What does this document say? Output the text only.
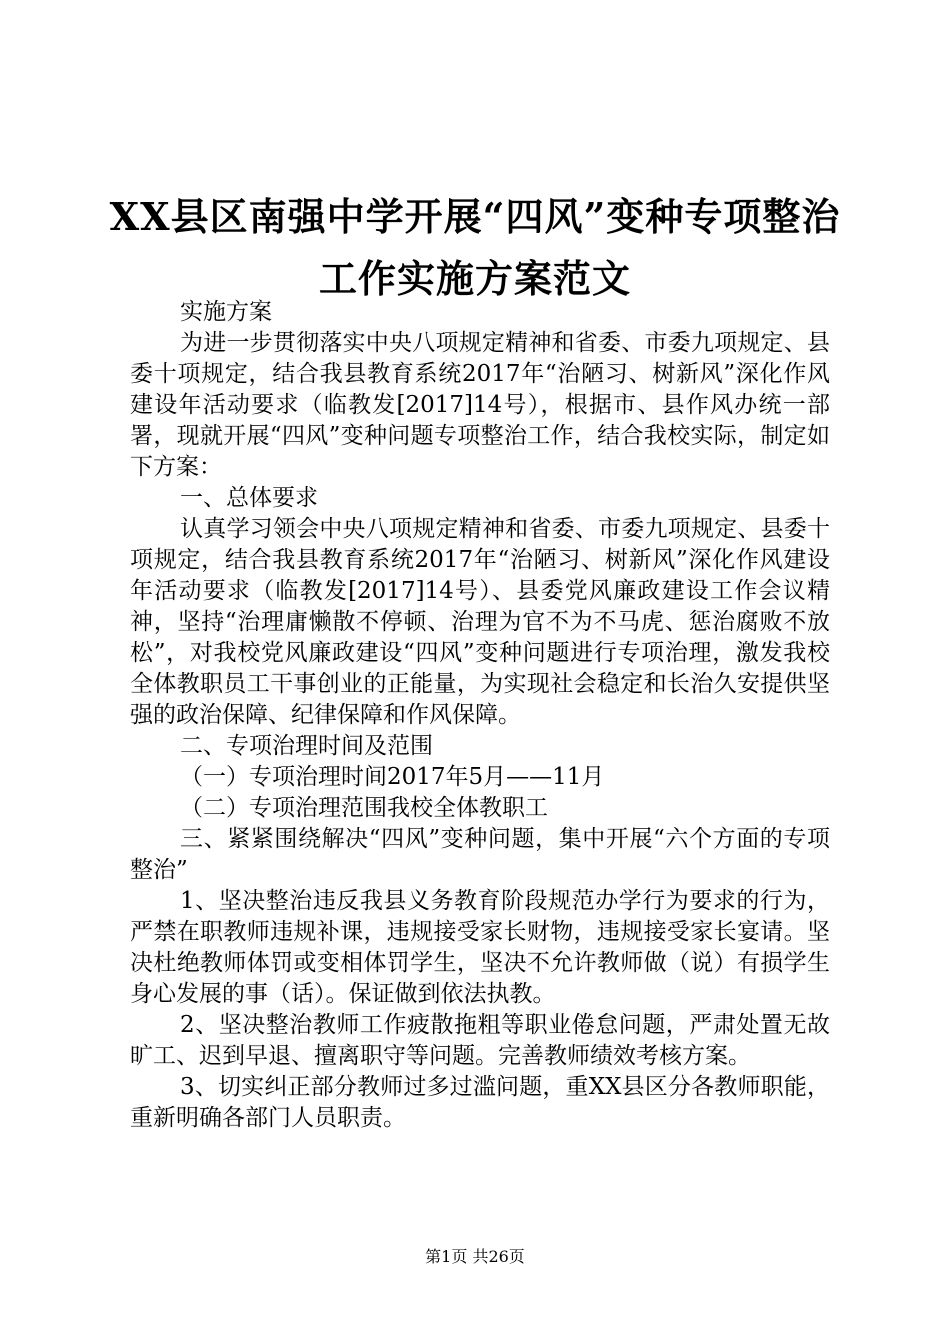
XX县区南强中学开展“四风”变种专项整治
工作实施方案范文

实施方案

为进一步贯彻落实中央八项规定精神和省委、市委九项规定、县委十项规定，结合我县教育系统2017年“治陋习、树新风”深化作风建设年活动要求（临教发[2017]14号），根据市、县作风办统一部署，现就开展“四风”变种问题专项整治工作，结合我校实际，制定如下方案：

一、总体要求

认真学习领会中央八项规定精神和省委、市委九项规定、县委十项规定，结合我县教育系统2017年“治陋习、树新风”深化作风建设年活动要求（临教发[2017]14号）、县委党风廉政建设工作会议精神，坚持“治理庸懒散不停顿、治理为官不为不马虎、惩治腐败不放松”，对我校党风廉政建设“四风”变种问题进行专项治理，激发我校全体教职员工干事创业的正能量，为实现社会稳定和长治久安提供坚强的政治保障、纪律保障和作风保障。

二、专项治理时间及范围

（一）专项治理时间2017年5月——11月

（二）专项治理范围我校全体教职工

三、紧紧围绕解决“四风”变种问题，集中开展“六个方面的专项整治”

1、坚决整治违反我县义务教育阶段规范办学行为要求的行为，严禁在职教师违规补课，违规接受家长财物，违规接受家长宴请。坚决杜绝教师体罚或变相体罚学生，坚决不允许教师做（说）有损学生身心发展的事（话）。保证做到依法执教。

2、坚决整治教师工作疲散拖粗等职业倦怠问题，严肃处置无故旷工、迟到早退、擅离职守等问题。完善教师绩效考核方案。

3、切实纠正部分教师过多过滥问题，重XX县区分各教师职能，重新明确各部门人员职责。

第1页 共26页
